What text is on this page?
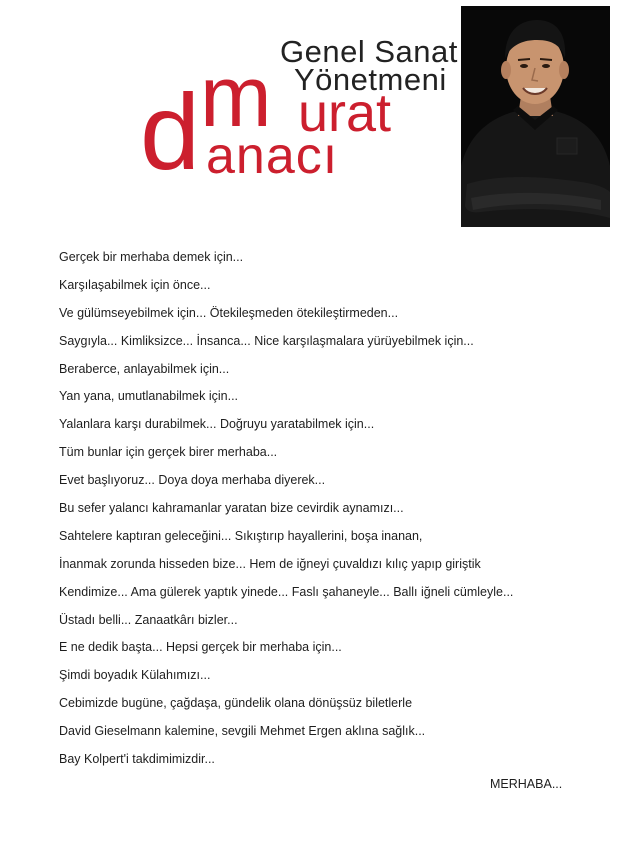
Genel Sanat
Yönetmeni
m urat
d anacı
Gerçek bir merhaba demek için...
Karşılaşabilmek için önce...
Ve gülümseyebilmek için... Ötekileşmeden ötekileştirmeden...
Saygıyla... Kimliksizce... İnsanca... Nice karşılaşmalara yürüyebilmek için...
Beraberce, anlayabilmek için...
Yan yana, umutlanabilmek için...
Yalanlara karşı durabilmek... Doğruyu yaratabilmek için...
Tüm bunlar için gerçek birer merhaba...
Evet başlıyoruz... Doya doya merhaba diyerek...
Bu sefer yalancı kahramanlar yaratan bize cevirdik aynamızı...
Sahtelere kaptıran geleceğini... Sıkıştırıp hayallerini, boşa inanan,
İnanmak zorunda hisseden bize... Hem de iğneyi çuvaldızı kılıç yapıp giriştik
Kendimize... Ama gülerek yaptık yinede... Faslı şahaneyle... Ballı iğneli cümleyle...
Üstadı belli... Zanaatkârı bizler...
E ne dedik başta... Hepsi gerçek bir merhaba için...
Şimdi boyadık Külahımızı...
Cebimizde bugüne, çağdaşa, gündelik olana dönüşsüz biletlerle
David Gieselmann kalemine, sevgili Mehmet Ergen aklına sağlık...
Bay Kolpert'i takdimimizdir...
MERHABA...
